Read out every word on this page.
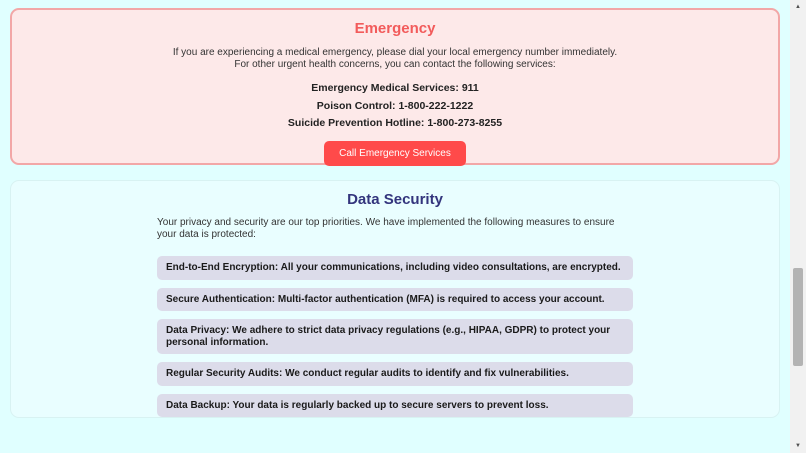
Emergency
If you are experiencing a medical emergency, please dial your local emergency number immediately.
For other urgent health concerns, you can contact the following services:
Emergency Medical Services: 911
Poison Control: 1-800-222-1222
Suicide Prevention Hotline: 1-800-273-8255
Call Emergency Services
Data Security
Your privacy and security are our top priorities. We have implemented the following measures to ensure your data is protected:
End-to-End Encryption: All your communications, including video consultations, are encrypted.
Secure Authentication: Multi-factor authentication (MFA) is required to access your account.
Data Privacy: We adhere to strict data privacy regulations (e.g., HIPAA, GDPR) to protect your personal information.
Regular Security Audits: We conduct regular audits to identify and fix vulnerabilities.
Data Backup: Your data is regularly backed up to secure servers to prevent loss.
▲
▼
